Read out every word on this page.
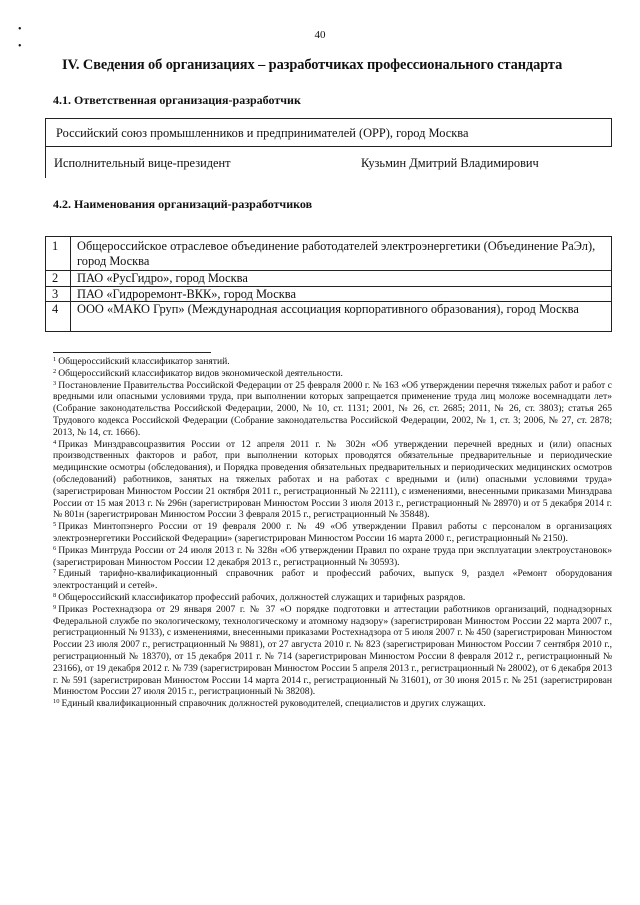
40
•
•
IV. Сведения об организациях – разработчиках профессионального стандарта
4.1. Ответственная организация-разработчик
Российский союз промышленников и предпринимателей (ОРР), город Москва
Исполнительный вице-президент	Кузьмин Дмитрий Владимирович
4.2. Наименования организаций-разработчиков
1	Общероссийское отраслевое объединение работодателей электроэнергетики (Объединение РаЭл), город Москва
2	ПАО «РусГидро», город Москва
3	ПАО «Гидроремонт-ВКК», город Москва
4	ООО «МАКО Груп» (Международная ассоциация корпоративного образования), город Москва

$^1$ Общероссийский классификатор занятий.

$^2$ Общероссийский классификатор видов экономической деятельности.

$^3$ Постановление Правительства Российской Федерации от 25 февраля 2000 г. № 163 «Об утверждении перечня тяжелых работ и работ с вредными или опасными условиями труда, при выполнении которых запрещается применение труда лиц моложе восемнадцати лет» (Собрание законодательства Российской Федерации, 2000, № 10, ст. 1131; 2001, № 26, ст. 2685; 2011, № 26, ст. 3803); статья 265 Трудового кодекса Российской Федерации (Собрание законодательства Российской Федерации, 2002, № 1, ст. 3; 2006, № 27, ст. 2878; 2013, № 14, ст. 1666).

$^4$ Приказ Минздравсоцразвития России от 12 апреля 2011 г. № 302н «Об утверждении перечней вредных и (или) опасных производственных факторов и работ, при выполнении которых проводятся обязательные предварительные и периодические медицинские осмотры (обследования), и Порядка проведения обязательных предварительных и периодических медицинских осмотров (обследований) работников, занятых на тяжелых работах и на работах с вредными и (или) опасными условиями труда» (зарегистрирован Минюстом России 21 октября 2011 г., регистрационный № 22111), с изменениями, внесенными приказами Минздрава России от 15 мая 2013 г. № 296н (зарегистрирован Минюстом России 3 июля 2013 г., регистрационный № 28970) и от 5 декабря 2014 г. № 801н (зарегистрирован Минюстом России 3 февраля 2015 г., регистрационный № 35848).

$^5$ Приказ Минтопэнерго России от 19 февраля 2000 г. № 49 «Об утверждении Правил работы с персоналом в организациях электроэнергетики Российской Федерации» (зарегистрирован Минюстом России 16 марта 2000 г., регистрационный № 2150).

$^6$ Приказ Минтруда России от 24 июля 2013 г. № 328н «Об утверждении Правил по охране труда при эксплуатации электроустановок» (зарегистрирован Минюстом России 12 декабря 2013 г., регистрационный № 30593).

$^7$ Единый тарифно-квалификационный справочник работ и профессий рабочих, выпуск 9, раздел «Ремонт оборудования электростанций и сетей».

$^8$ Общероссийский классификатор профессий рабочих, должностей служащих и тарифных разрядов.

$^9$ Приказ Ростехнадзора от 29 января 2007 г. № 37 «О порядке подготовки и аттестации работников организаций, поднадзорных Федеральной службе по экологическому, технологическому и атомному надзору» (зарегистрирован Минюстом России 22 марта 2007 г., регистрационный № 9133), с изменениями, внесенными приказами Ростехнадзора от 5 июля 2007 г. № 450 (зарегистрирован Минюстом России 23 июля 2007 г., регистрационный № 9881), от 27 августа 2010 г. № 823 (зарегистрирован Минюстом России 7 сентября 2010 г., регистрационный № 18370), от 15 декабря 2011 г. № 714 (зарегистрирован Минюстом России 8 февраля 2012 г., регистрационный № 23166), от 19 декабря 2012 г. № 739 (зарегистрирован Минюстом России 5 апреля 2013 г., регистрационный № 28002), от 6 декабря 2013 г. № 591 (зарегистрирован Минюстом России 14 марта 2014 г., регистрационный № 31601), от 30 июня 2015 г. № 251 (зарегистрирован Минюстом России 27 июля 2015 г., регистрационный № 38208).

$^{10}$ Единый квалификационный справочник должностей руководителей, специалистов и других служащих.
